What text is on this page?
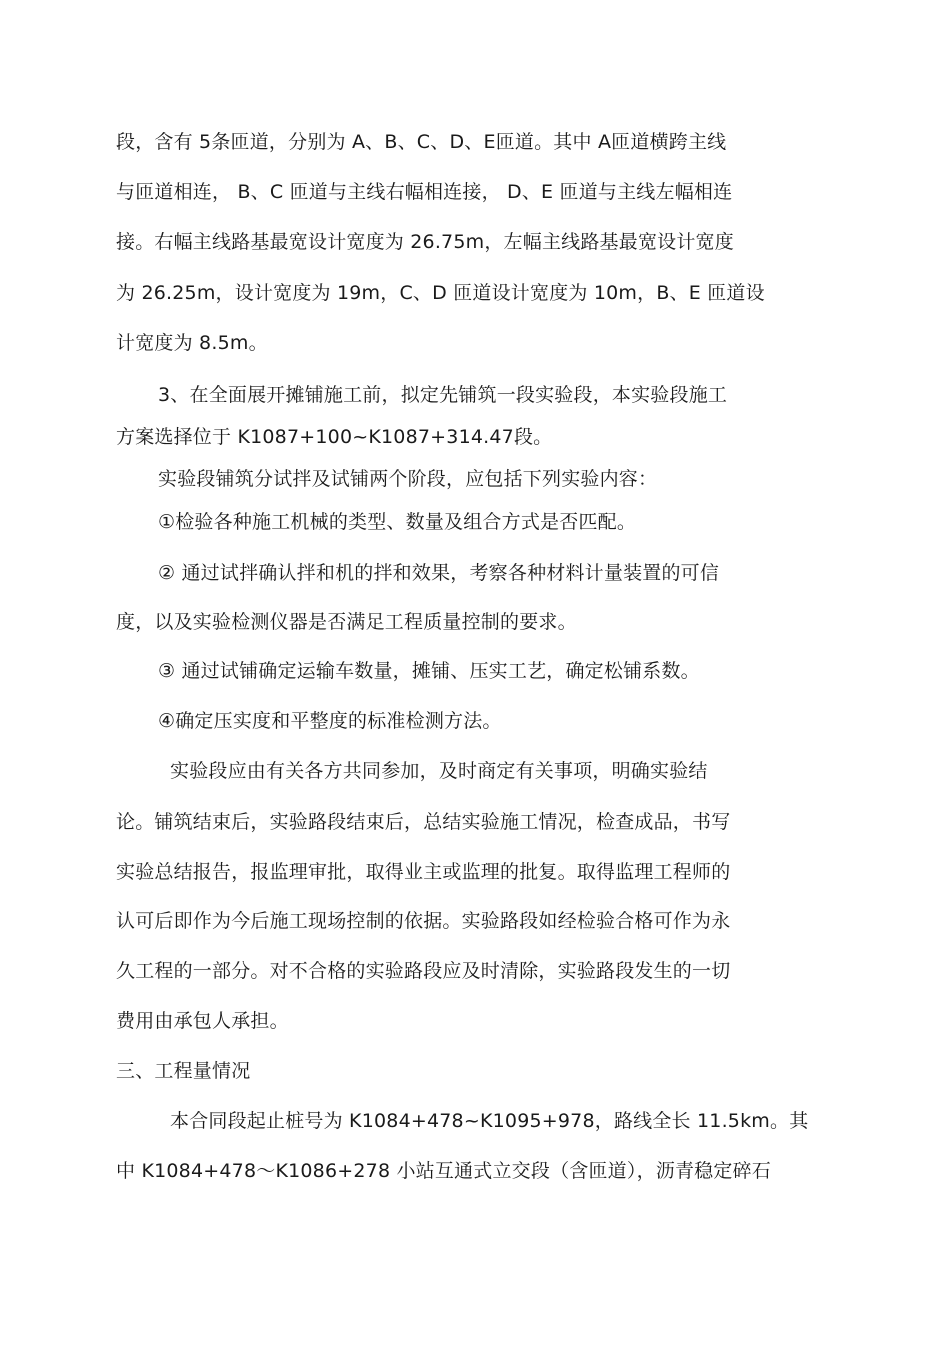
段，含有 5条匝道，分别为 A、B、C、D、E匝道。其中 A匝道横跨主线
与匝道相连， B、C 匝道与主线右幅相连接， D、E 匝道与主线左幅相连
接。右幅主线路基最宽设计宽度为 26.75m，左幅主线路基最宽设计宽度
为 26.25m，设计宽度为 19m，C、D 匝道设计宽度为 10m，B、E 匝道设
计宽度为 8.5m。
3、在全面展开摊铺施工前，拟定先铺筑一段实验段，本实验段施工
方案选择位于 K1087+100~K1087+314.47段。
实验段铺筑分试拌及试铺两个阶段，应包括下列实验内容：
①检验各种施工机械的类型、数量及组合方式是否匹配。
② 通过试拌确认拌和机的拌和效果，考察各种材料计量装置的可信
度，以及实验检测仪器是否满足工程质量控制的要求。
③ 通过试铺确定运输车数量，摊铺、压实工艺，确定松铺系数。
④确定压实度和平整度的标准检测方法。
实验段应由有关各方共同参加，及时商定有关事项，明确实验结
论。铺筑结束后，实验路段结束后，总结实验施工情况，检查成品，书写
实验总结报告，报监理审批，取得业主或监理的批复。取得监理工程师的
认可后即作为今后施工现场控制的依据。实验路段如经检验合格可作为永
久工程的一部分。对不合格的实验路段应及时清除，实验路段发生的一切
费用由承包人承担。
三、工程量情况
本合同段起止桩号为 K1084+478~K1095+978，路线全长 11.5km。其
中 K1084+478～K1086+278 小站互通式立交段（含匝道），沥青稳定碎石
